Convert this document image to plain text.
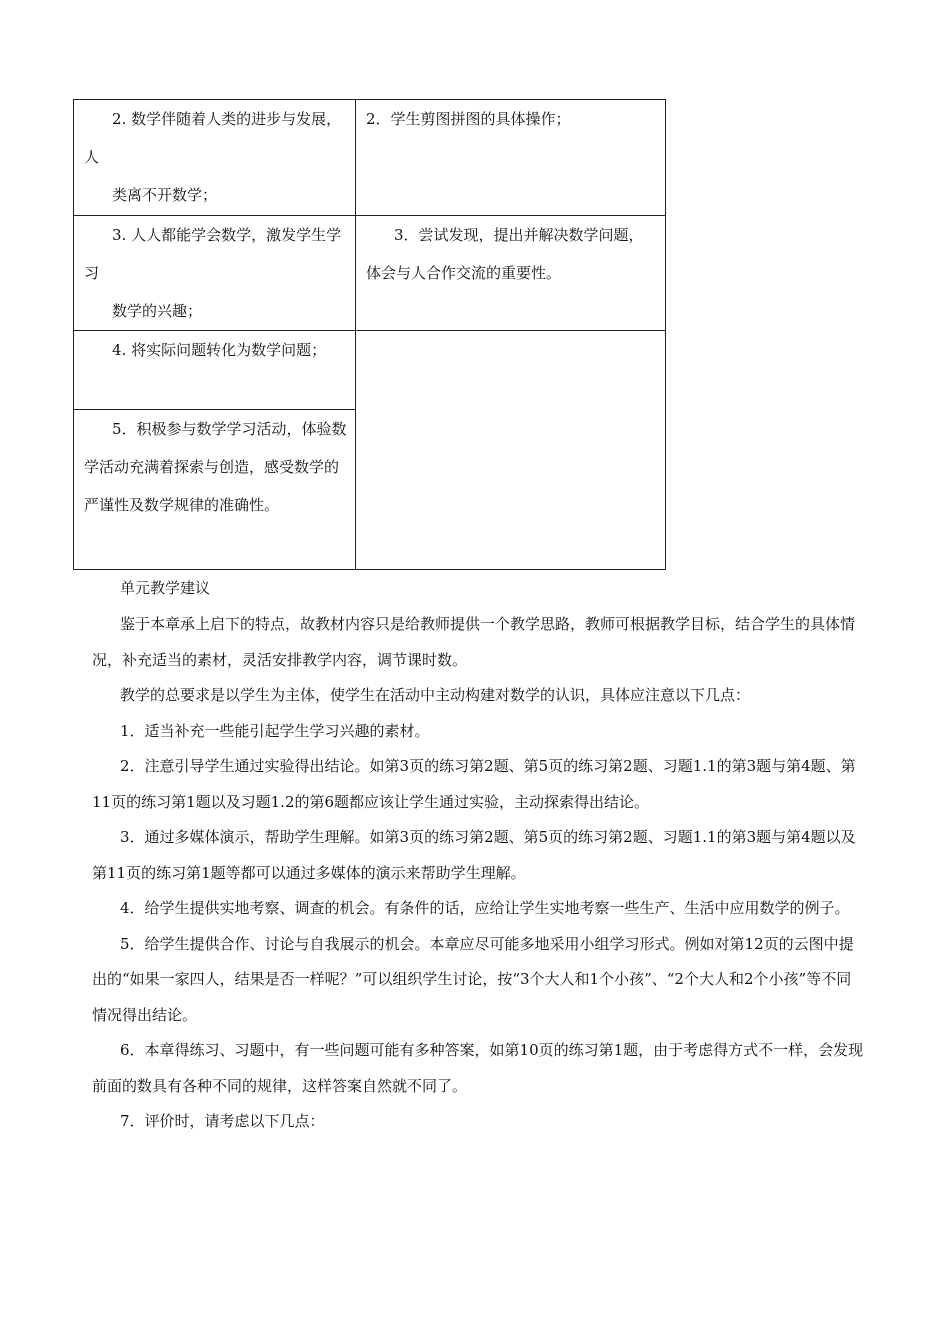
2. 数学伴随着人类的进步与发展，人

类离不开数学；	2．学生剪图拼图的具体操作；

3. 人人都能学会数学，激发学生学习

数学的兴趣；	3．尝试发现，提出并解决数学问题，体会与人合作交流的重要性。

4. 将实际问题转化为数学问题；	

5．积极参与数学学习活动，体验数学活动充满着探索与创造，感受数学的严谨性及数学规律的准确性。	

单元教学建议

鉴于本章承上启下的特点，故教材内容只是给教师提供一个教学思路，教师可根据教学目标，结合学生的具体情况，补充适当的素材，灵活安排教学内容，调节课时数。

教学的总要求是以学生为主体，使学生在活动中主动构建对数学的认识，具体应注意以下几点：

1．适当补充一些能引起学生学习兴趣的素材。

2．注意引导学生通过实验得出结论。如第3页的练习第2题、第5页的练习第2题、习题1.1的第3题与第4题、第11页的练习第1题以及习题1.2的第6题都应该让学生通过实验，主动探索得出结论。

3．通过多媒体演示，帮助学生理解。如第3页的练习第2题、第5页的练习第2题、习题1.1的第3题与第4题以及第11页的练习第1题等都可以通过多媒体的演示来帮助学生理解。

4．给学生提供实地考察、调查的机会。有条件的话，应给让学生实地考察一些生产、生活中应用数学的例子。

5．给学生提供合作、讨论与自我展示的机会。本章应尽可能多地采用小组学习形式。例如对第12页的云图中提出的“如果一家四人，结果是否一样呢？”可以组织学生讨论，按“3个大人和1个小孩”、“2个大人和2个小孩”等不同情况得出结论。

6．本章得练习、习题中，有一些问题可能有多种答案，如第10页的练习第1题，由于考虑得方式不一样，会发现前面的数具有各种不同的规律，这样答案自然就不同了。

7．评价时，请考虑以下几点：
